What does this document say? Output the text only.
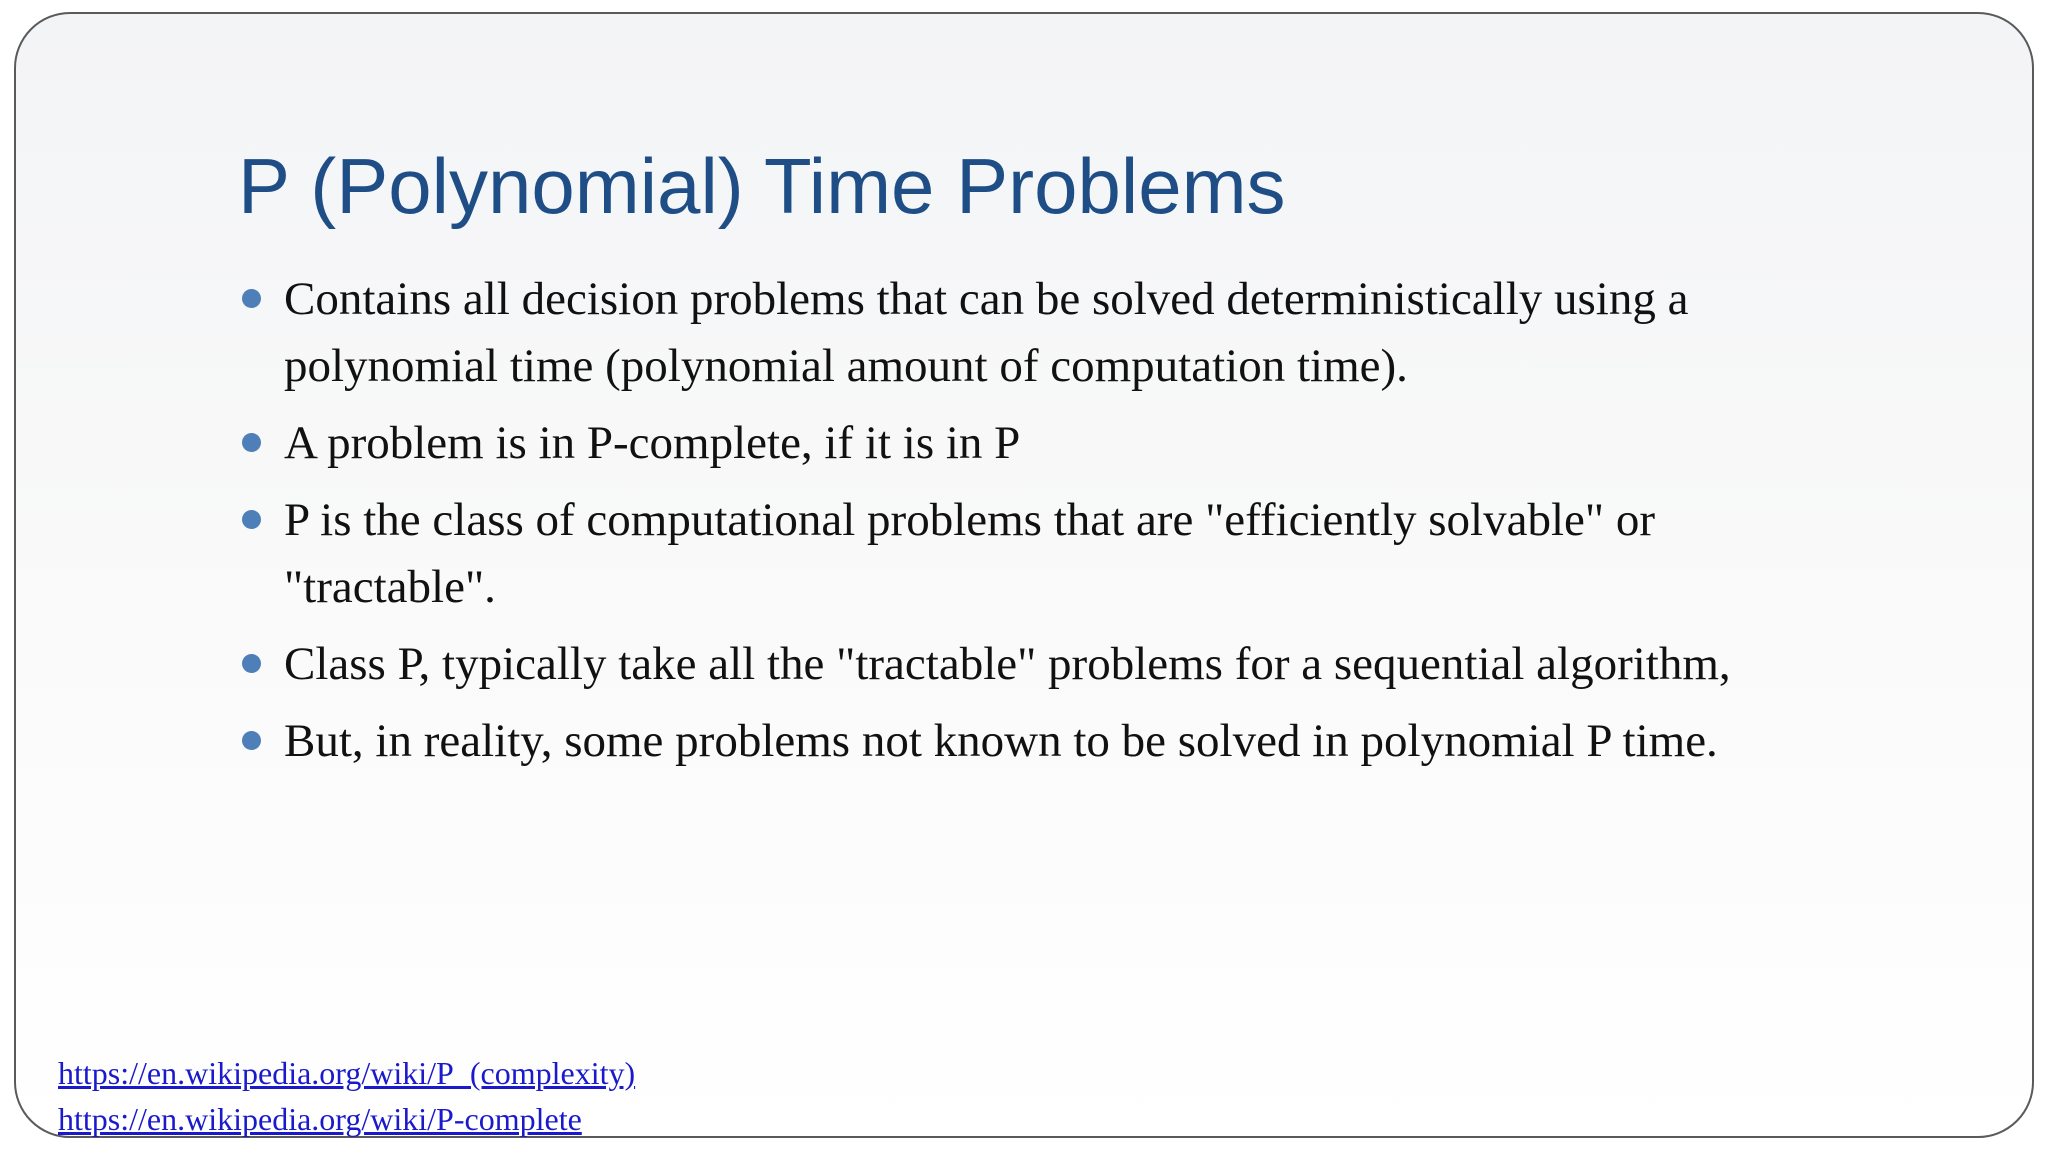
P (Polynomial) Time Problems
Contains all decision problems that can be solved deterministically using a polynomial time (polynomial amount of computation time).
A problem is in P-complete, if it is in P
P is the class of computational problems that are "efficiently solvable" or "tractable".
Class P, typically take all the "tractable" problems for a sequential algorithm,
But, in reality, some problems not known to be solved in polynomial P time.
https://en.wikipedia.org/wiki/P_(complexity)
https://en.wikipedia.org/wiki/P-complete
